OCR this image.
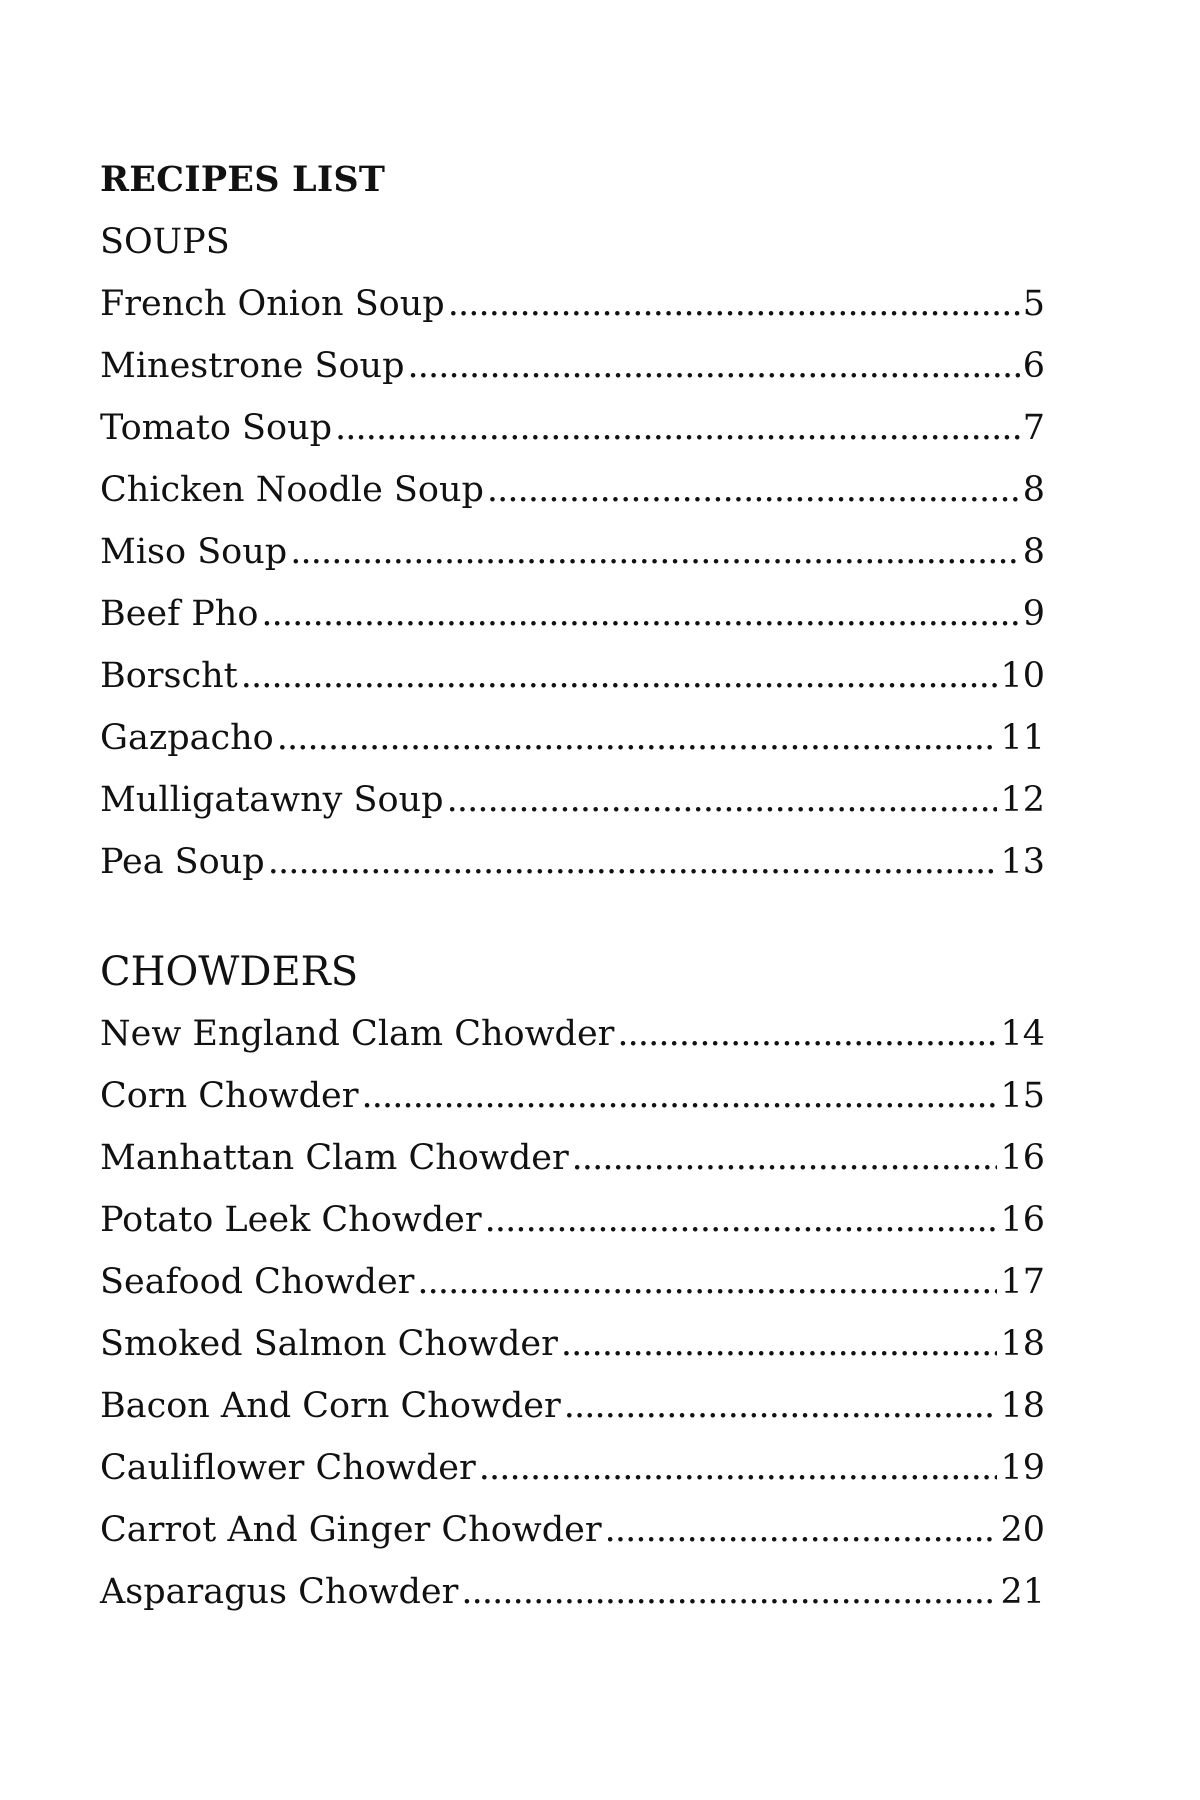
RECIPES LIST
SOUPS
French Onion Soup . . .	5
Minestrone Soup . . .	6
Tomato Soup . . .	7
Chicken Noodle Soup . . .	8
Miso Soup . . .	8
Beef Pho . . .	9
Borscht . . .	10
Gazpacho . . .	11
Mulligatawny Soup . . .	12
Pea Soup . . .	13
CHOWDERS
New England Clam Chowder . . .	14
Corn Chowder . . .	15
Manhattan Clam Chowder . . .	16
Potato Leek Chowder . . .	16
Seafood Chowder . . .	17
Smoked Salmon Chowder . . .	18
Bacon And Corn Chowder . . .	18
Cauliflower Chowder . . .	19
Carrot And Ginger Chowder . . .	20
Asparagus Chowder . . .	21
